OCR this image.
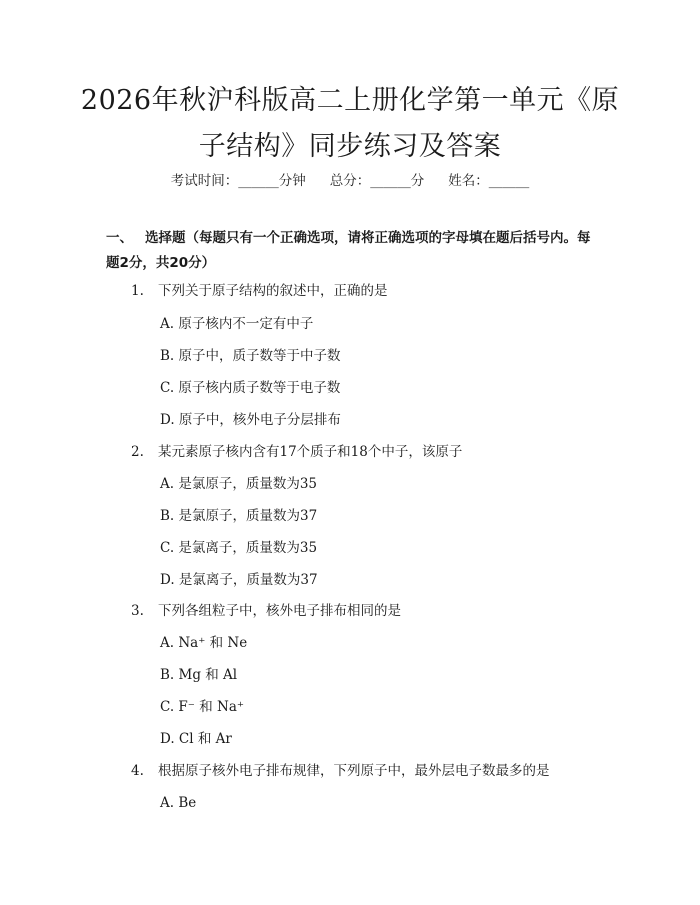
2026年秋沪科版高二上册化学第一单元《原子结构》同步练习及答案
考试时间：______分钟 总分：______分 姓名：______
一、 选择题（每题只有一个正确选项，请将正确选项的字母填在题后括号内。每题2分，共20分）
1. 下列关于原子结构的叙述中，正确的是
A. 原子核内不一定有中子
B. 原子中，质子数等于中子数
C. 原子核内质子数等于电子数
D. 原子中，核外电子分层排布
2. 某元素原子核内含有17个质子和18个中子，该原子
A. 是氯原子，质量数为35
B. 是氯原子，质量数为37
C. 是氯离子，质量数为35
D. 是氯离子，质量数为37
3. 下列各组粒子中，核外电子排布相同的是
A. Na⁺ 和 Ne
B. Mg 和 Al
C. F⁻ 和 Na⁺
D. Cl 和 Ar
4. 根据原子核外电子排布规律，下列原子中，最外层电子数最多的是
A. Be
